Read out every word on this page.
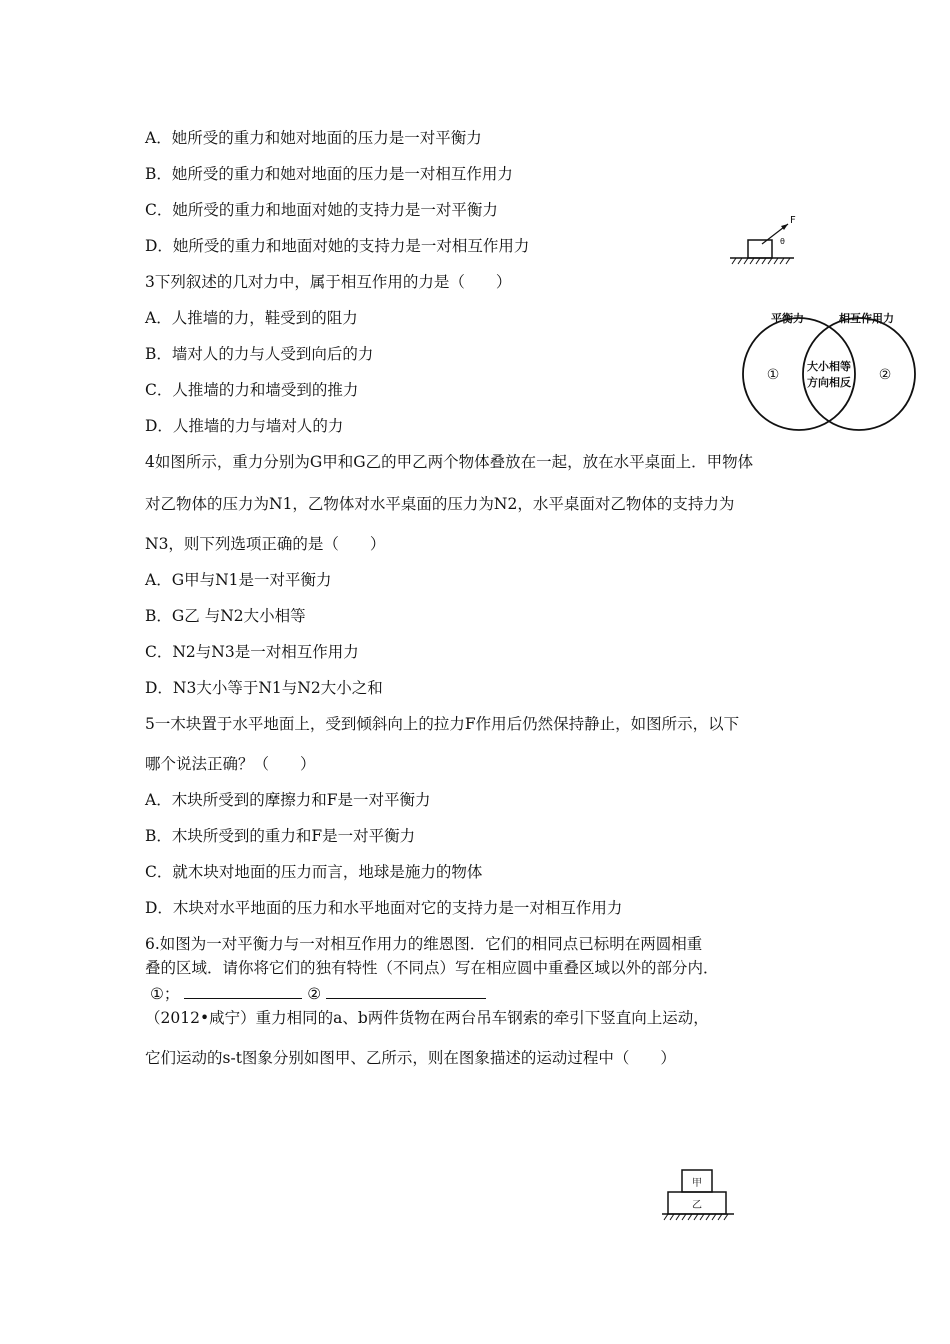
A．她所受的重力和她对地面的压力是一对平衡力
B．她所受的重力和她对地面的压力是一对相互作用力
C．她所受的重力和地面对她的支持力是一对平衡力
D．她所受的重力和地面对她的支持力是一对相互作用力
3下列叙述的几对力中，属于相互作用的力是（　　）
A．人推墙的力，鞋受到的阻力
B．墙对人的力与人受到向后的力
C．人推墙的力和墙受到的推力
D．人推墙的力与墙对人的力
4如图所示，重力分别为G甲和G乙的甲乙两个物体叠放在一起，放在水平桌面上．甲物体
对乙物体的压力为N1，乙物体对水平桌面的压力为N2，水平桌面对乙物体的支持力为
N3，则下列选项正确的是（　　）
A．G甲与N1是一对平衡力
B．G乙 与N2大小相等
C．N2与N3是一对相互作用力
D．N3大小等于N1与N2大小之和
5一木块置于水平地面上，受到倾斜向上的拉力F作用后仍然保持静止，如图所示，以下
哪个说法正确？（　　）
A．木块所受到的摩擦力和F是一对平衡力
B．木块所受到的重力和F是一对平衡力
C．就木块对地面的压力而言，地球是施力的物体
D．木块对水平地面的压力和水平地面对它的支持力是一对相互作用力
6.如图为一对平衡力与一对相互作用力的维恩图．它们的相同点已标明在两圆相重
叠的区域．请你将它们的独有特性（不同点）写在相应圆中重叠区域以外的部分内．
①；	②
（2012•咸宁）重力相同的a、b两件货物在两台吊车钢索的牵引下竖直向上运动，
它们运动的s-t图象分别如图甲、乙所示，则在图象描述的运动过程中（　　）
F
θ
平衡力	相互作用力
大小相等
方向相反
①	②
甲
乙
